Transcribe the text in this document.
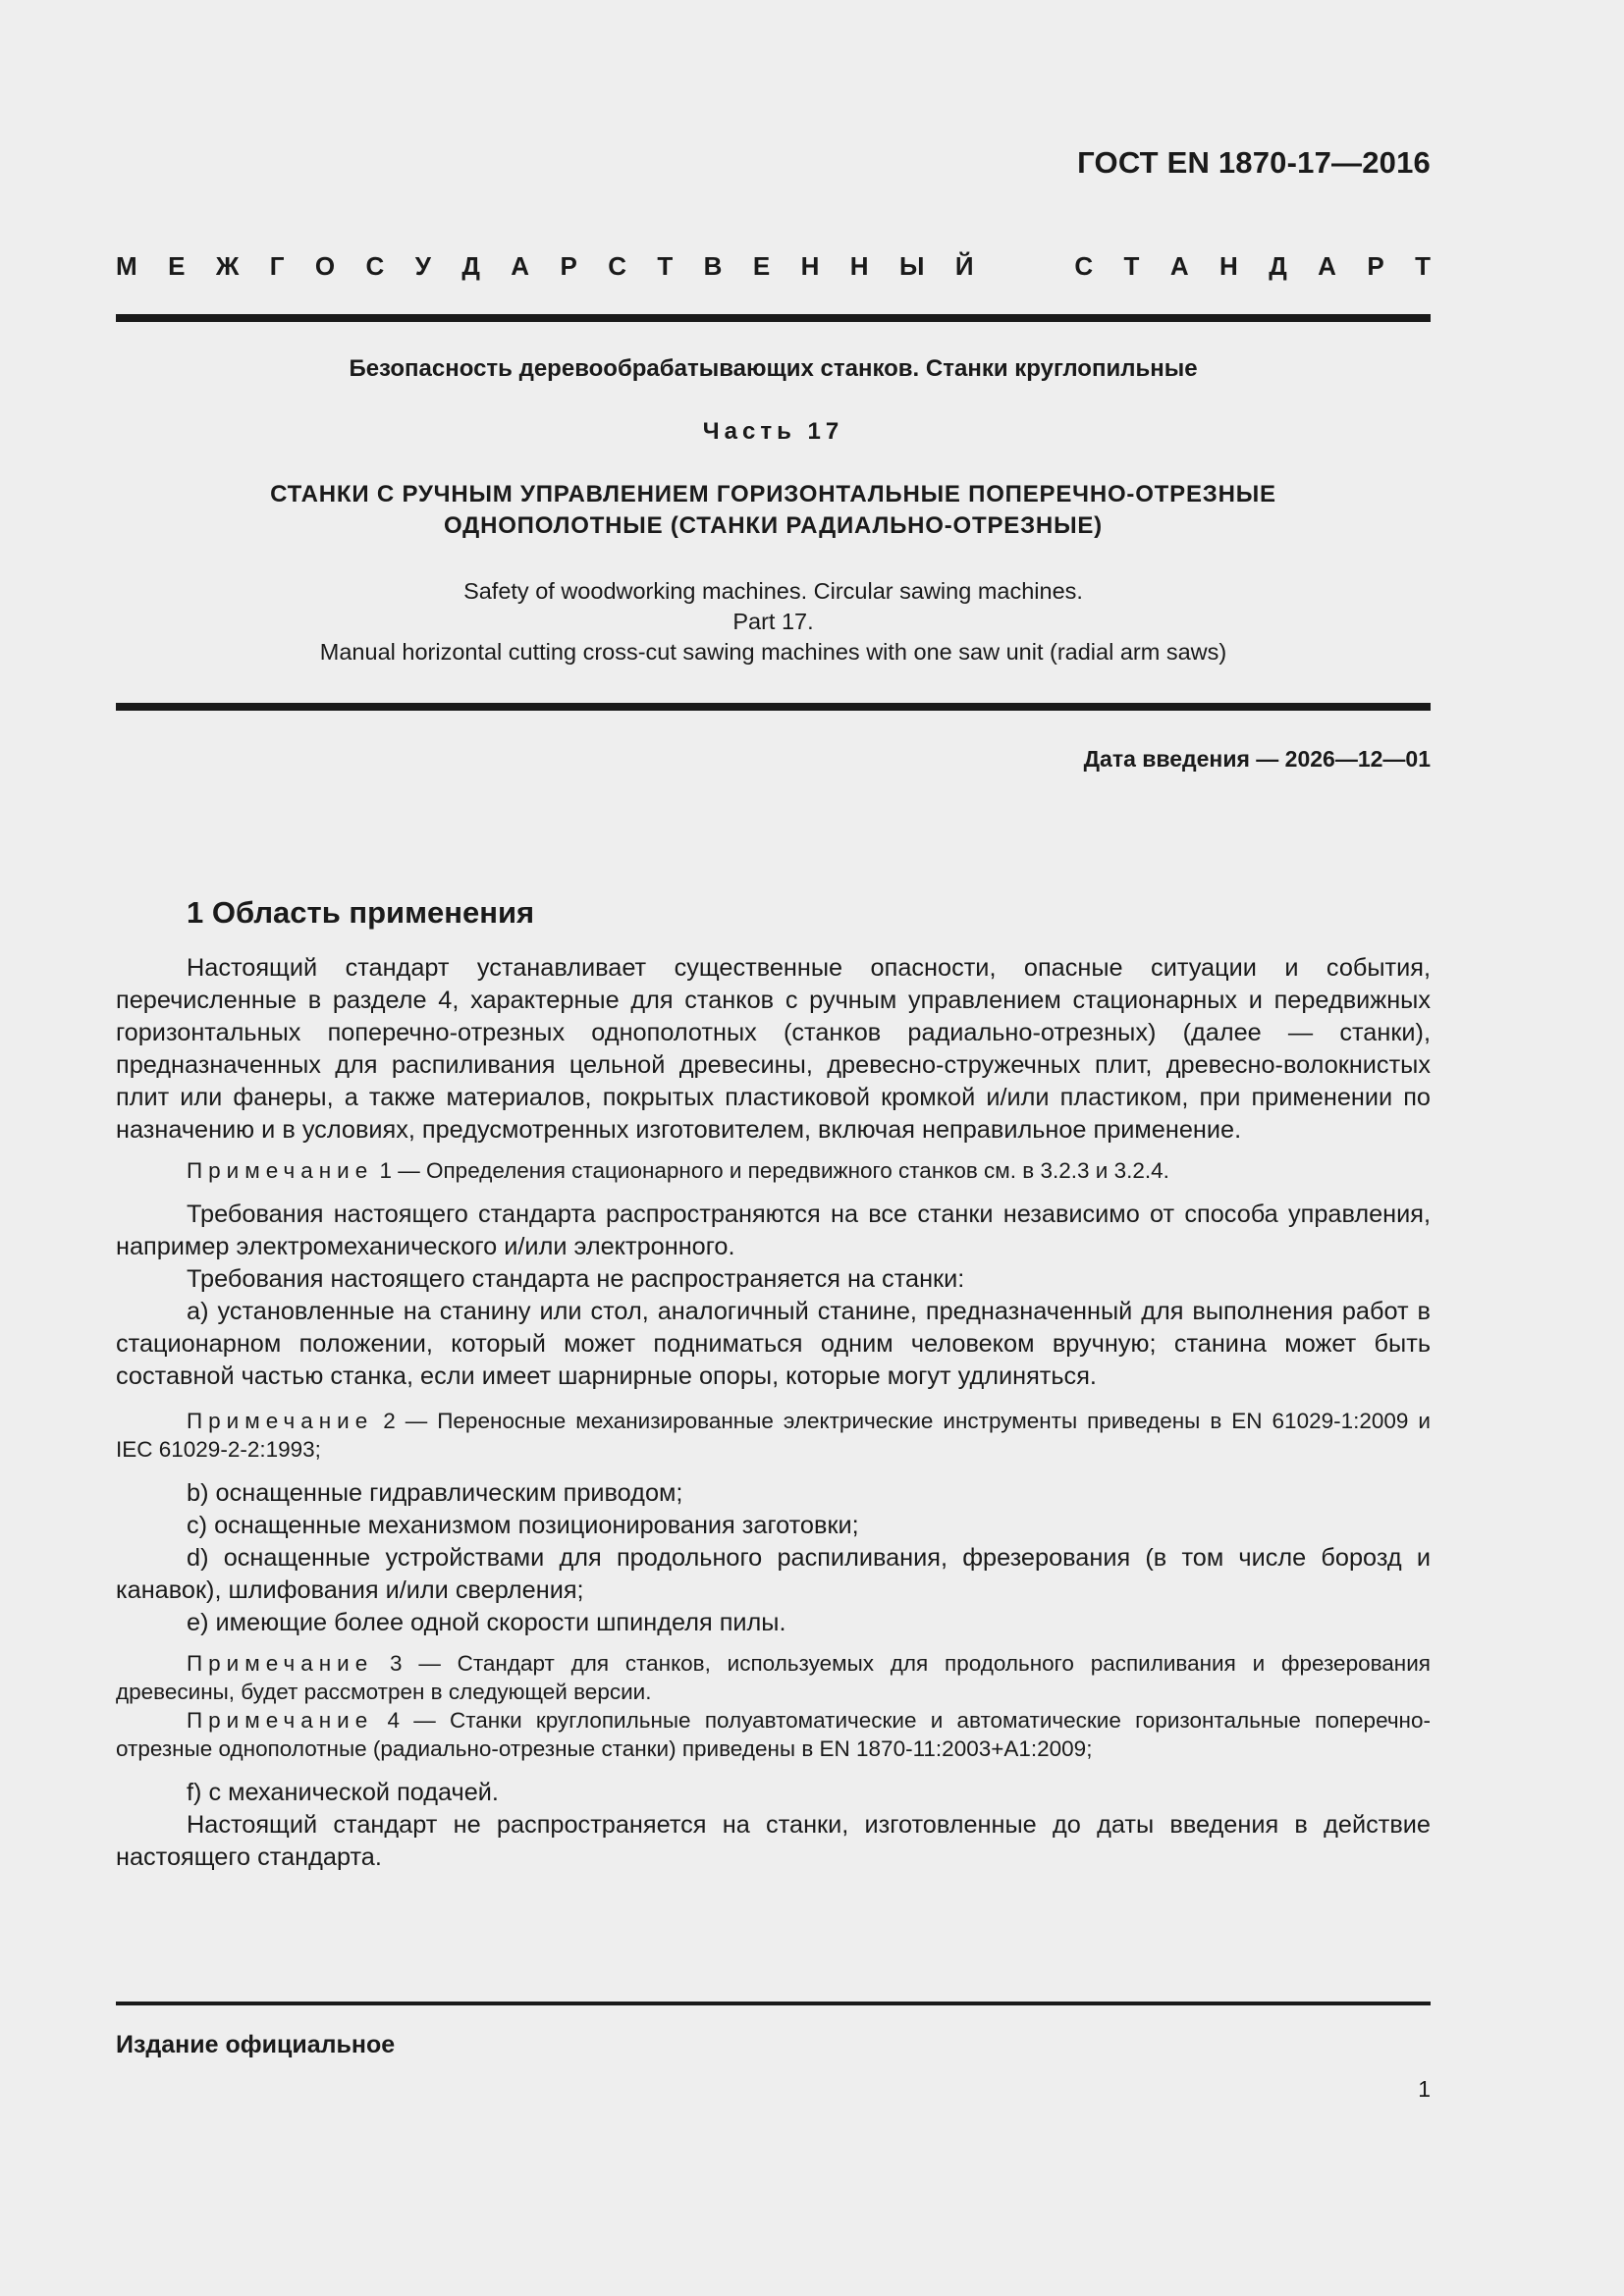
ГОСТ EN 1870-17—2016
М Е Ж Г О С У Д А Р С Т В Е Н Н Ы Й	С Т А Н Д А Р Т
Безопасность деревообрабатывающих станков. Станки круглопильные
Часть 17
СТАНКИ С РУЧНЫМ УПРАВЛЕНИЕМ ГОРИЗОНТАЛЬНЫЕ ПОПЕРЕЧНО-ОТРЕЗНЫЕ
ОДНОПОЛОТНЫЕ (СТАНКИ РАДИАЛЬНО-ОТРЕЗНЫЕ)
Safety of woodworking machines. Circular sawing machines.
Part 17.
Manual horizontal cutting cross-cut sawing machines with one saw unit (radial arm saws)
Дата введения — 2026—12—01
1 Область применения

Настоящий стандарт устанавливает существенные опасности, опасные ситуации и события, перечисленные в разделе 4, характерные для станков с ручным управлением стационарных и передвижных горизонтальных поперечно-отрезных однополотных (станков радиально-отрезных) (далее — станки), предназначенных для распиливания цельной древесины, древесно-стружечных плит, древесно-волокнистых плит или фанеры, а также материалов, покрытых пластиковой кромкой и/или пластиком, при применении по назначению и в условиях, предусмотренных изготовителем, включая неправильное применение.

Примечание 1 — Определения стационарного и передвижного станков см. в 3.2.3 и 3.2.4.

Требования настоящего стандарта распространяются на все станки независимо от способа управления, например электромеханического и/или электронного.

Требования настоящего стандарта не распространяется на станки:

a) установленные на станину или стол, аналогичный станине, предназначенный для выполнения работ в стационарном положении, который может подниматься одним человеком вручную; станина может быть составной частью станка, если имеет шарнирные опоры, которые могут удлиняться.

Примечание 2 — Переносные механизированные электрические инструменты приведены в EN 61029-1:2009 и IEC 61029-2-2:1993;

b) оснащенные гидравлическим приводом;

c) оснащенные механизмом позиционирования заготовки;

d) оснащенные устройствами для продольного распиливания, фрезерования (в том числе борозд и канавок), шлифования и/или сверления;

e) имеющие более одной скорости шпинделя пилы.

Примечание 3 — Стандарт для станков, используемых для продольного распиливания и фрезерования древесины, будет рассмотрен в следующей версии.

Примечание 4 — Станки круглопильные полуавтоматические и автоматические горизонтальные поперечно-отрезные однополотные (радиально-отрезные станки) приведены в EN 1870-11:2003+A1:2009;

f) с механической подачей.

Настоящий стандарт не распространяется на станки, изготовленные до даты введения в действие настоящего стандарта.

Издание официальное
1
